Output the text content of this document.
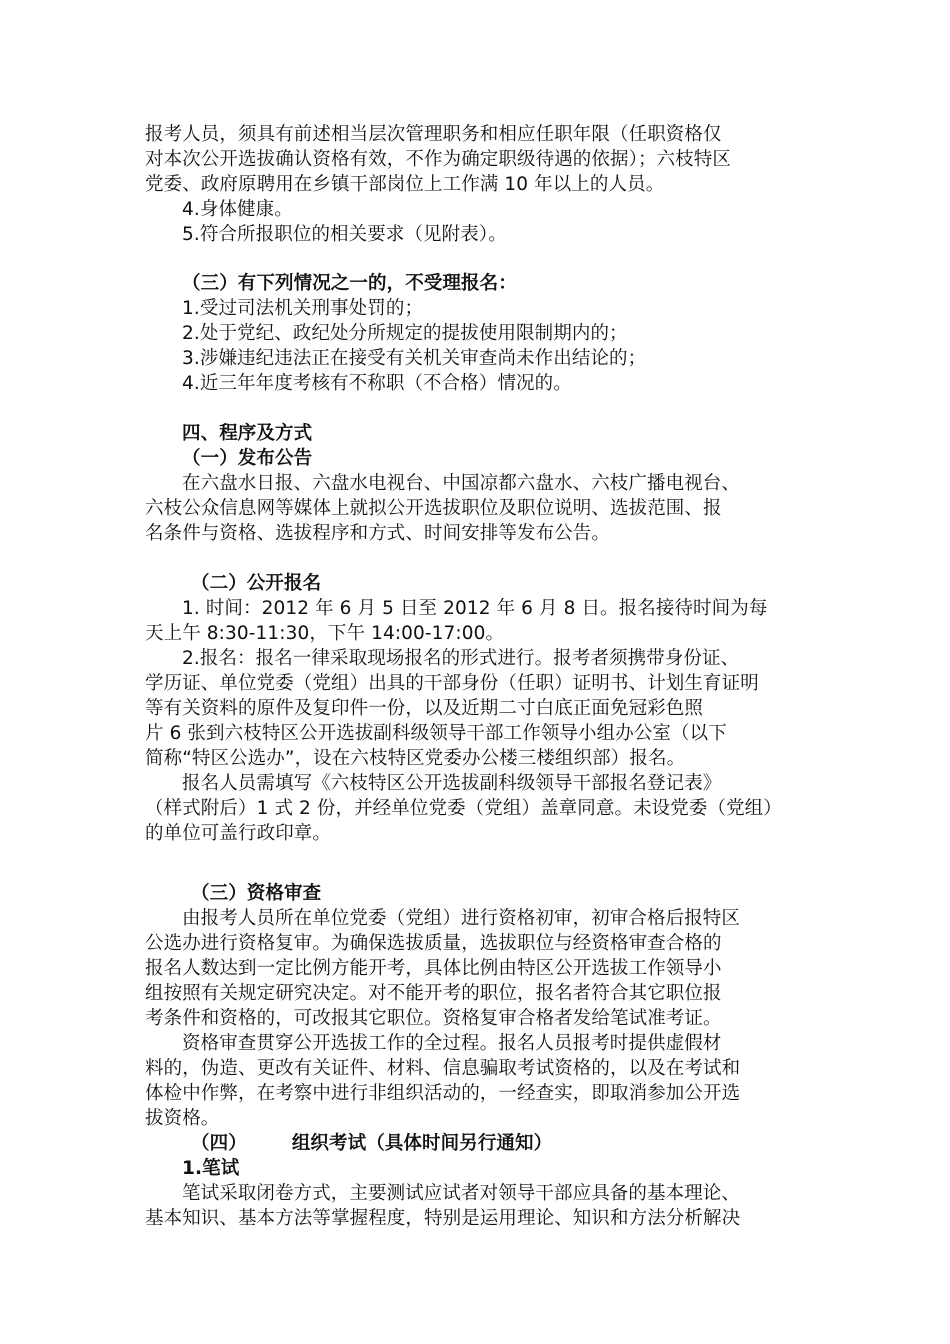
报考人员，须具有前述相当层次管理职务和相应任职年限（任职资格仅

对本次公开选拔确认资格有效，不作为确定职级待遇的依据）；六枝特区

党委、政府原聘用在乡镇干部岗位上工作满 10 年以上的人员。

4.身体健康。

5.符合所报职位的相关要求（见附表）。

（三）有下列情况之一的，不受理报名：

1.受过司法机关刑事处罚的；

2.处于党纪、政纪处分所规定的提拔使用限制期内的；

3.涉嫌违纪违法正在接受有关机关审查尚未作出结论的；

4.近三年年度考核有不称职（不合格）情况的。

四、程序及方式

（一）发布公告

在六盘水日报、六盘水电视台、中国凉都六盘水、六枝广播电视台、

六枝公众信息网等媒体上就拟公开选拔职位及职位说明、选拔范围、报

名条件与资格、选拔程序和方式、时间安排等发布公告。

（二）公开报名

1. 时间：2012 年 6 月 5 日至 2012 年 6 月 8 日。报名接待时间为每

天上午 8:30-11:30，下午 14:00-17:00。

2.报名：报名一律采取现场报名的形式进行。报考者须携带身份证、

学历证、单位党委（党组）出具的干部身份（任职）证明书、计划生育证明

等有关资料的原件及复印件一份，以及近期二寸白底正面免冠彩色照

片 6 张到六枝特区公开选拔副科级领导干部工作领导小组办公室（以下

简称“特区公选办”，设在六枝特区党委办公楼三楼组织部）报名。

报名人员需填写《六枝特区公开选拔副科级领导干部报名登记表》

（样式附后）1 式 2 份，并经单位党委（党组）盖章同意。未设党委（党组）

的单位可盖行政印章。

（三）资格审查

由报考人员所在单位党委（党组）进行资格初审，初审合格后报特区

公选办进行资格复审。为确保选拔质量，选拔职位与经资格审查合格的

报名人数达到一定比例方能开考，具体比例由特区公开选拔工作领导小

组按照有关规定研究决定。对不能开考的职位，报名者符合其它职位报

考条件和资格的，可改报其它职位。资格复审合格者发给笔试准考证。

资格审查贯穿公开选拔工作的全过程。报名人员报考时提供虚假材

料的，伪造、更改有关证件、材料、信息骗取考试资格的，以及在考试和

体检中作弊，在考察中进行非组织活动的，一经查实，即取消参加公开选

拔资格。

（四） 组织考试（具体时间另行通知）

1.笔试

笔试采取闭卷方式，主要测试应试者对领导干部应具备的基本理论、

基本知识、基本方法等掌握程度，特别是运用理论、知识和方法分析解决
